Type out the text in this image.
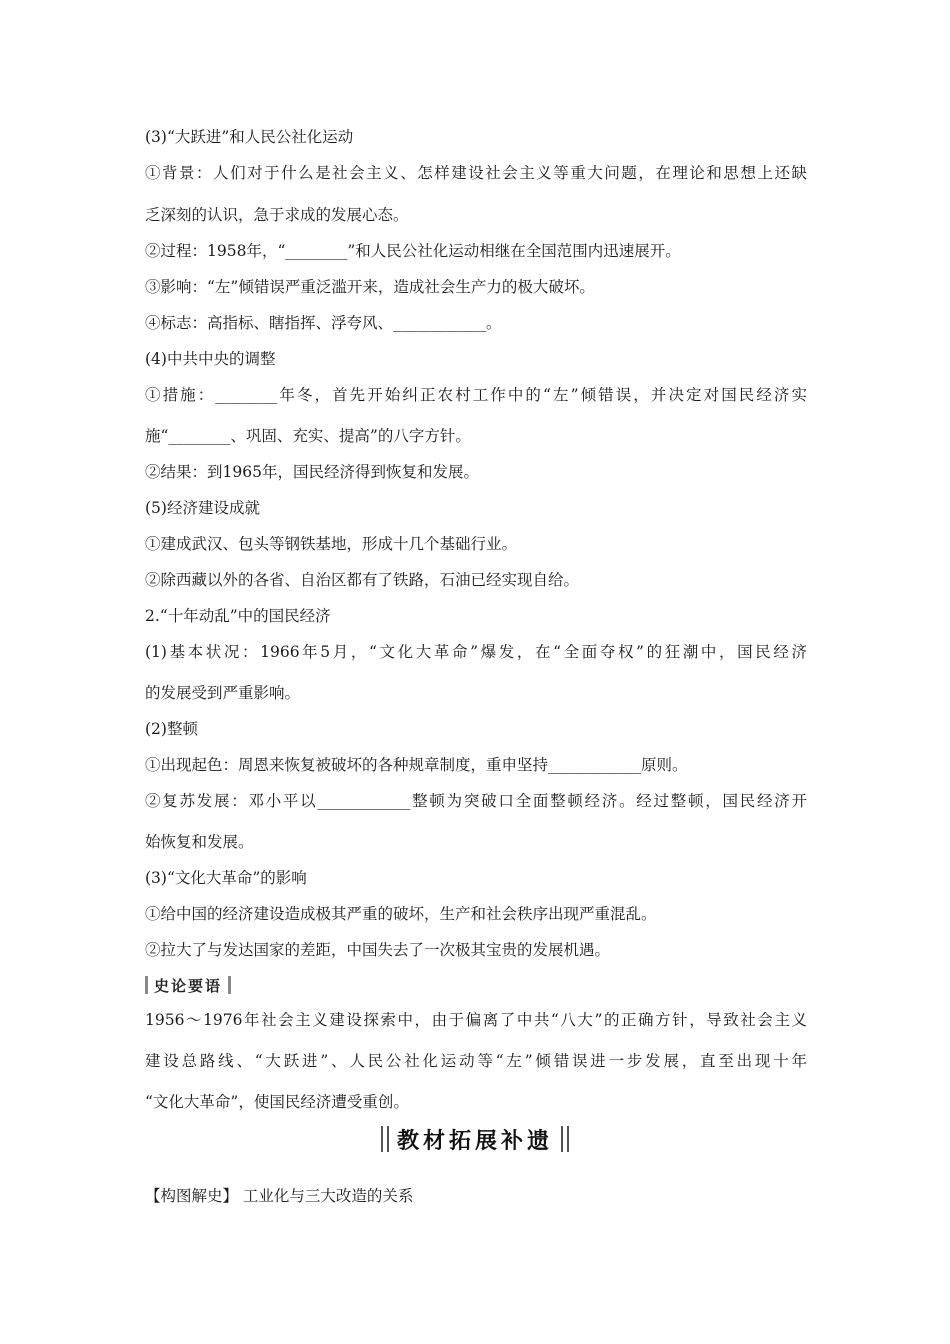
(3)“大跃进”和人民公社化运动
①背景：人们对于什么是社会主义、怎样建设社会主义等重大问题，在理论和思想上还缺
乏深刻的认识，急于求成的发展心态。
②过程：1958年，“________”和人民公社化运动相继在全国范围内迅速展开。
③影响：“左”倾错误严重泛滥开来，造成社会生产力的极大破坏。
④标志：高指标、瞎指挥、浮夸风、____________。
(4)中共中央的调整
①措施：________年冬，首先开始纠正农村工作中的“左”倾错误，并决定对国民经济实
施“________、巩固、充实、提高”的八字方针。
②结果：到1965年，国民经济得到恢复和发展。
(5)经济建设成就
①建成武汉、包头等钢铁基地，形成十几个基础行业。
②除西藏以外的各省、自治区都有了铁路，石油已经实现自给。
2.“十年动乱”中的国民经济
(1)基本状况：1966年5月，“文化大革命”爆发，在“全面夺权”的狂潮中，国民经济
的发展受到严重影响。
(2)整顿
①出现起色：周恩来恢复被破坏的各种规章制度，重申坚持____________原则。
②复苏发展：邓小平以____________整顿为突破口全面整顿经济。经过整顿，国民经济开
始恢复和发展。
(3)“文化大革命”的影响
①给中国的经济建设造成极其严重的破坏，生产和社会秩序出现严重混乱。
②拉大了与发达国家的差距，中国失去了一次极其宝贵的发展机遇。
史论要语
1956～1976年社会主义建设探索中，由于偏离了中共“八大”的正确方针，导致社会主义
建设总路线、“大跃进”、人民公社化运动等“左”倾错误进一步发展，直至出现十年
“文化大革命”，使国民经济遭受重创。
教材拓展补遗
【构图解史】 工业化与三大改造的关系
